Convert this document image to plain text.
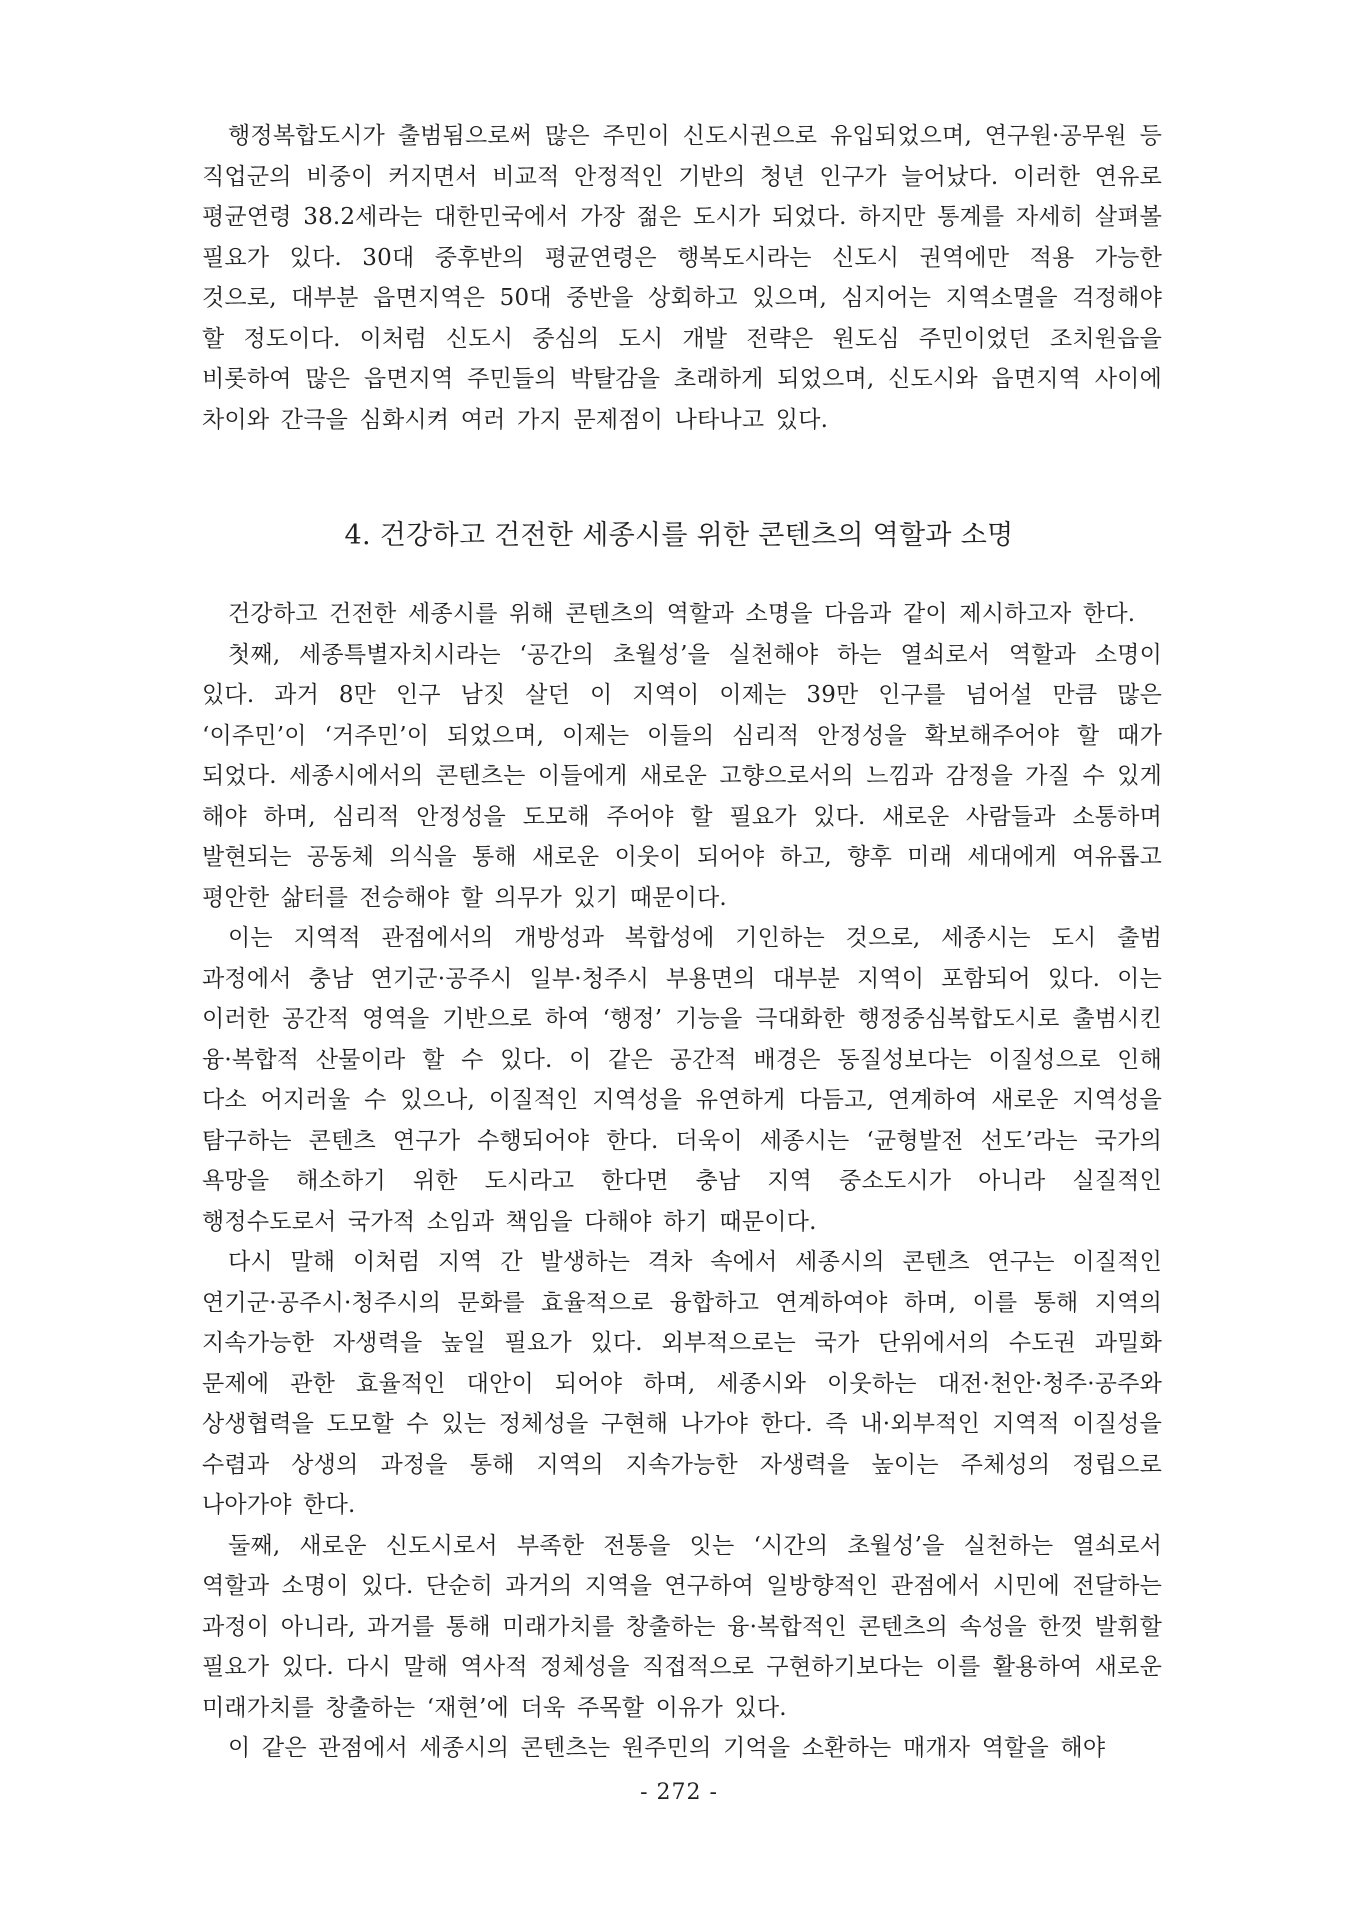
행정복합도시가 출범됨으로써 많은 주민이 신도시권으로 유입되었으며, 연구원·공무원 등 직업군의 비중이 커지면서 비교적 안정적인 기반의 청년 인구가 늘어났다. 이러한 연유로 평균연령 38.2세라는 대한민국에서 가장 젊은 도시가 되었다. 하지만 통계를 자세히 살펴볼 필요가 있다. 30대 중후반의 평균연령은 행복도시라는 신도시 권역에만 적용 가능한 것으로, 대부분 읍면지역은 50대 중반을 상회하고 있으며, 심지어는 지역소멸을 걱정해야 할 정도이다. 이처럼 신도시 중심의 도시 개발 전략은 원도심 주민이었던 조치원읍을 비롯하여 많은 읍면지역 주민들의 박탈감을 초래하게 되었으며, 신도시와 읍면지역 사이에 차이와 간극을 심화시켜 여러 가지 문제점이 나타나고 있다.

4. 건강하고 건전한 세종시를 위한 콘텐츠의 역할과 소명

건강하고 건전한 세종시를 위해 콘텐츠의 역할과 소명을 다음과 같이 제시하고자 한다.

첫째, 세종특별자치시라는 ‘공간의 초월성’을 실천해야 하는 열쇠로서 역할과 소명이 있다. 과거 8만 인구 남짓 살던 이 지역이 이제는 39만 인구를 넘어설 만큼 많은 ‘이주민’이 ‘거주민’이 되었으며, 이제는 이들의 심리적 안정성을 확보해주어야 할 때가 되었다. 세종시에서의 콘텐츠는 이들에게 새로운 고향으로서의 느낌과 감정을 가질 수 있게 해야 하며, 심리적 안정성을 도모해 주어야 할 필요가 있다. 새로운 사람들과 소통하며 발현되는 공동체 의식을 통해 새로운 이웃이 되어야 하고, 향후 미래 세대에게 여유롭고 평안한 삶터를 전승해야 할 의무가 있기 때문이다.

이는 지역적 관점에서의 개방성과 복합성에 기인하는 것으로, 세종시는 도시 출범 과정에서 충남 연기군·공주시 일부·청주시 부용면의 대부분 지역이 포함되어 있다. 이는 이러한 공간적 영역을 기반으로 하여 ‘행정’ 기능을 극대화한 행정중심복합도시로 출범시킨 융·복합적 산물이라 할 수 있다. 이 같은 공간적 배경은 동질성보다는 이질성으로 인해 다소 어지러울 수 있으나, 이질적인 지역성을 유연하게 다듬고, 연계하여 새로운 지역성을 탐구하는 콘텐츠 연구가 수행되어야 한다. 더욱이 세종시는 ‘균형발전 선도’라는 국가의 욕망을 해소하기 위한 도시라고 한다면 충남 지역 중소도시가 아니라 실질적인 행정수도로서 국가적 소임과 책임을 다해야 하기 때문이다.

다시 말해 이처럼 지역 간 발생하는 격차 속에서 세종시의 콘텐츠 연구는 이질적인 연기군·공주시·청주시의 문화를 효율적으로 융합하고 연계하여야 하며, 이를 통해 지역의 지속가능한 자생력을 높일 필요가 있다. 외부적으로는 국가 단위에서의 수도권 과밀화 문제에 관한 효율적인 대안이 되어야 하며, 세종시와 이웃하는 대전·천안·청주·공주와 상생협력을 도모할 수 있는 정체성을 구현해 나가야 한다. 즉 내·외부적인 지역적 이질성을 수렴과 상생의 과정을 통해 지역의 지속가능한 자생력을 높이는 주체성의 정립으로 나아가야 한다.

둘째, 새로운 신도시로서 부족한 전통을 잇는 ‘시간의 초월성’을 실천하는 열쇠로서 역할과 소명이 있다. 단순히 과거의 지역을 연구하여 일방향적인 관점에서 시민에 전달하는 과정이 아니라, 과거를 통해 미래가치를 창출하는 융·복합적인 콘텐츠의 속성을 한껏 발휘할 필요가 있다. 다시 말해 역사적 정체성을 직접적으로 구현하기보다는 이를 활용하여 새로운 미래가치를 창출하는 ‘재현’에 더욱 주목할 이유가 있다.

이 같은 관점에서 세종시의 콘텐츠는 원주민의 기억을 소환하는 매개자 역할을 해야

- 272 -
